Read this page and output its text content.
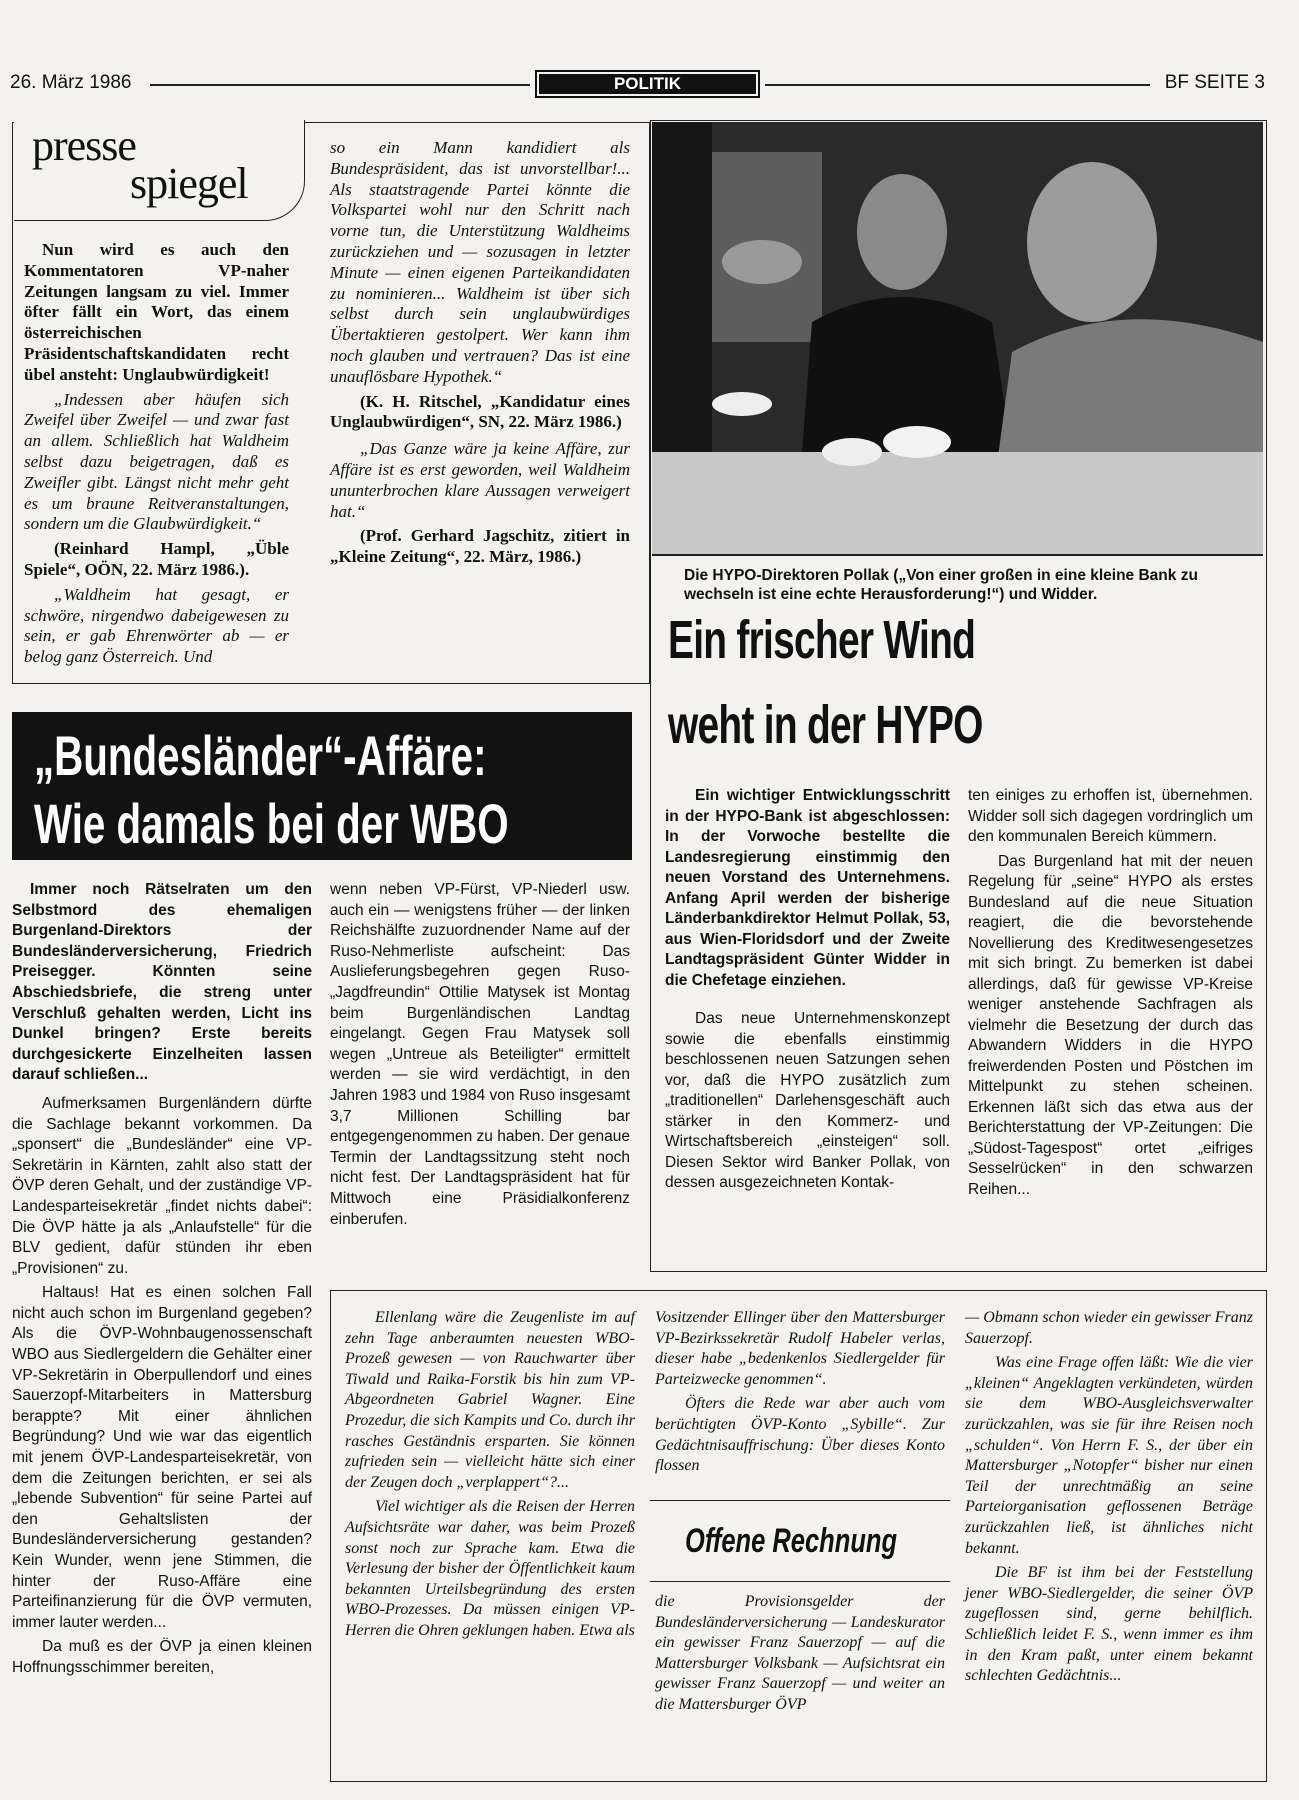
26. März 1986	POLITIK	BF SEITE 3
presse
spiegel

Nun wird es auch den Kommentatoren VP-naher Zeitungen langsam zu viel. Immer öfter fällt ein Wort, das einem österreichischen Präsidentschaftskandidaten recht übel ansteht: Unglaubwürdigkeit!

„Indessen aber häufen sich Zweifel über Zweifel — und zwar fast an allem. Schließlich hat Waldheim selbst dazu beigetragen, daß es Zweifler gibt. Längst nicht mehr geht es um braune Reitveranstaltungen, sondern um die Glaubwürdigkeit.“

(Reinhard Hampl, „Üble Spiele“, OÖN, 22. März 1986.).

„Waldheim hat gesagt, er schwöre, nirgendwo dabeigewesen zu sein, er gab Ehrenwörter ab — er belog ganz Österreich. Und

so ein Mann kandidiert als Bundespräsident, das ist unvorstellbar!... Als staatstragende Partei könnte die Volkspartei wohl nur den Schritt nach vorne tun, die Unterstützung Waldheims zurückziehen und — sozusagen in letzter Minute — einen eigenen Parteikandidaten zu nominieren... Waldheim ist über sich selbst durch sein unglaubwürdiges Übertaktieren gestolpert. Wer kann ihm noch glauben und vertrauen? Das ist eine unauflösbare Hypothek.“

(K. H. Ritschel, „Kandidatur eines Unglaubwürdigen“, SN, 22. März 1986.)

„Das Ganze wäre ja keine Affäre, zur Affäre ist es erst geworden, weil Waldheim ununterbrochen klare Aussagen verweigert hat.“

(Prof. Gerhard Jagschitz, zitiert in „Kleine Zeitung“, 22. März, 1986.)

Die HYPO-Direktoren Pollak („Von einer großen in eine kleine Bank zu wechseln ist eine echte Herausforderung!“) und Widder.
Ein frischer Wind
weht in der HYPO

Ein wichtiger Entwicklungsschritt in der HYPO-Bank ist abgeschlossen: In der Vorwoche bestellte die Landesregierung einstimmig den neuen Vorstand des Unternehmens. Anfang April werden der bisherige Länderbankdirektor Helmut Pollak, 53, aus Wien-Floridsdorf und der Zweite Landtagspräsident Günter Widder in die Chefetage einziehen.

Das neue Unternehmenskonzept sowie die ebenfalls einstimmig beschlossenen neuen Satzungen sehen vor, daß die HYPO zusätzlich zum „traditionellen“ Darlehensgeschäft auch stärker in den Kommerz- und Wirtschaftsbereich „einsteigen“ soll. Diesen Sektor wird Banker Pollak, von dessen ausgezeichneten Kontak-

ten einiges zu erhoffen ist, übernehmen. Widder soll sich dagegen vordringlich um den kommunalen Bereich kümmern.

Das Burgenland hat mit der neuen Regelung für „seine“ HYPO als erstes Bundesland auf die neue Situation reagiert, die die bevorstehende Novellierung des Kreditwesengesetzes mit sich bringt. Zu bemerken ist dabei allerdings, daß für gewisse VP-Kreise weniger anstehende Sachfragen als vielmehr die Besetzung der durch das Abwandern Widders in die HYPO freiwerdenden Posten und Pöstchen im Mittelpunkt zu stehen scheinen. Erkennen läßt sich das etwa aus der Berichterstattung der VP-Zeitungen: Die „Südost-Tagespost“ ortet „eifriges Sesselrücken“ in den schwarzen Reihen...

„Bundesländer“-Affäre:
Wie damals bei der WBO

Immer noch Rätselraten um den Selbstmord des ehemaligen Burgenland-Direktors der Bundesländerversicherung, Friedrich Preisegger. Könnten seine Abschiedsbriefe, die streng unter Verschluß gehalten werden, Licht ins Dunkel bringen? Erste bereits durchgesickerte Einzelheiten lassen darauf schließen...

Aufmerksamen Burgenländern dürfte die Sachlage bekannt vorkommen. Da „sponsert“ die „Bundesländer“ eine VP-Sekretärin in Kärnten, zahlt also statt der ÖVP deren Gehalt, und der zuständige VP-Landesparteisekretär „findet nichts dabei“: Die ÖVP hätte ja als „Anlaufstelle“ für die BLV gedient, dafür stünden ihr eben „Provisionen“ zu.

Haltaus! Hat es einen solchen Fall nicht auch schon im Burgenland gegeben? Als die ÖVP-Wohnbaugenossenschaft WBO aus Siedlergeldern die Gehälter einer VP-Sekretärin in Oberpullendorf und eines Sauerzopf-Mitarbeiters in Mattersburg berappte? Mit einer ähnlichen Begründung? Und wie war das eigentlich mit jenem ÖVP-Landesparteisekretär, von dem die Zeitungen berichten, er sei als „lebende Subvention“ für seine Partei auf den Gehaltslisten der Bundesländerversicherung gestanden? Kein Wunder, wenn jene Stimmen, die hinter der Ruso-Affäre eine Parteifinanzierung für die ÖVP vermuten, immer lauter werden...

Da muß es der ÖVP ja einen kleinen Hoffnungsschimmer bereiten,

wenn neben VP-Fürst, VP-Niederl usw. auch ein — wenigstens früher — der linken Reichshälfte zuzuordnender Name auf der Ruso-Nehmerliste aufscheint: Das Auslieferungsbegehren gegen Ruso-„Jagdfreundin“ Ottilie Matysek ist Montag beim Burgenländischen Landtag eingelangt. Gegen Frau Matysek soll wegen „Untreue als Beteiligter“ ermittelt werden — sie wird verdächtigt, in den Jahren 1983 und 1984 von Ruso insgesamt 3,7 Millionen Schilling bar entgegengenommen zu haben. Der genaue Termin der Landtagssitzung steht noch nicht fest. Der Landtagspräsident hat für Mittwoch eine Präsidialkonferenz einberufen.

Ellenlang wäre die Zeugenliste im auf zehn Tage anberaumten neuesten WBO-Prozeß gewesen — von Rauchwarter über Tiwald und Raika-Forstik bis hin zum VP-Abgeordneten Gabriel Wagner. Eine Prozedur, die sich Kampits und Co. durch ihr rasches Geständnis ersparten. Sie können zufrieden sein — vielleicht hätte sich einer der Zeugen doch „verplappert“?...

Viel wichtiger als die Reisen der Herren Aufsichtsräte war daher, was beim Prozeß sonst noch zur Sprache kam. Etwa die Verlesung der bisher der Öffentlichkeit kaum bekannten Urteilsbegründung des ersten WBO-Prozesses. Da müssen einigen VP-Herren die Ohren geklungen haben. Etwa als

Vositzender Ellinger über den Mattersburger VP-Bezirkssekretär Rudolf Habeler verlas, dieser habe „bedenkenlos Siedlergelder für Parteizwecke genommen“.

Öfters die Rede war aber auch vom berüchtigten ÖVP-Konto „Sybille“. Zur Gedächtnisauffrischung: Über dieses Konto flossen

Offene Rechnung

die Provisionsgelder der Bundesländerversicherung — Landeskurator ein gewisser Franz Sauerzopf — auf die Mattersburger Volksbank — Aufsichtsrat ein gewisser Franz Sauerzopf — und weiter an die Mattersburger ÖVP

— Obmann schon wieder ein gewisser Franz Sauerzopf.

Was eine Frage offen läßt: Wie die vier „kleinen“ Angeklagten verkündeten, würden sie dem WBO-Ausgleichsverwalter zurückzahlen, was sie für ihre Reisen noch „schulden“. Von Herrn F. S., der über ein Mattersburger „Notopfer“ bisher nur einen Teil der unrechtmäßig an seine Parteiorganisation geflossenen Beträge zurückzahlen ließ, ist ähnliches nicht bekannt.

Die BF ist ihm bei der Feststellung jener WBO-Siedlergelder, die seiner ÖVP zugeflossen sind, gerne behilflich. Schließlich leidet F. S., wenn immer es ihm in den Kram paßt, unter einem bekannt schlechten Gedächtnis...
